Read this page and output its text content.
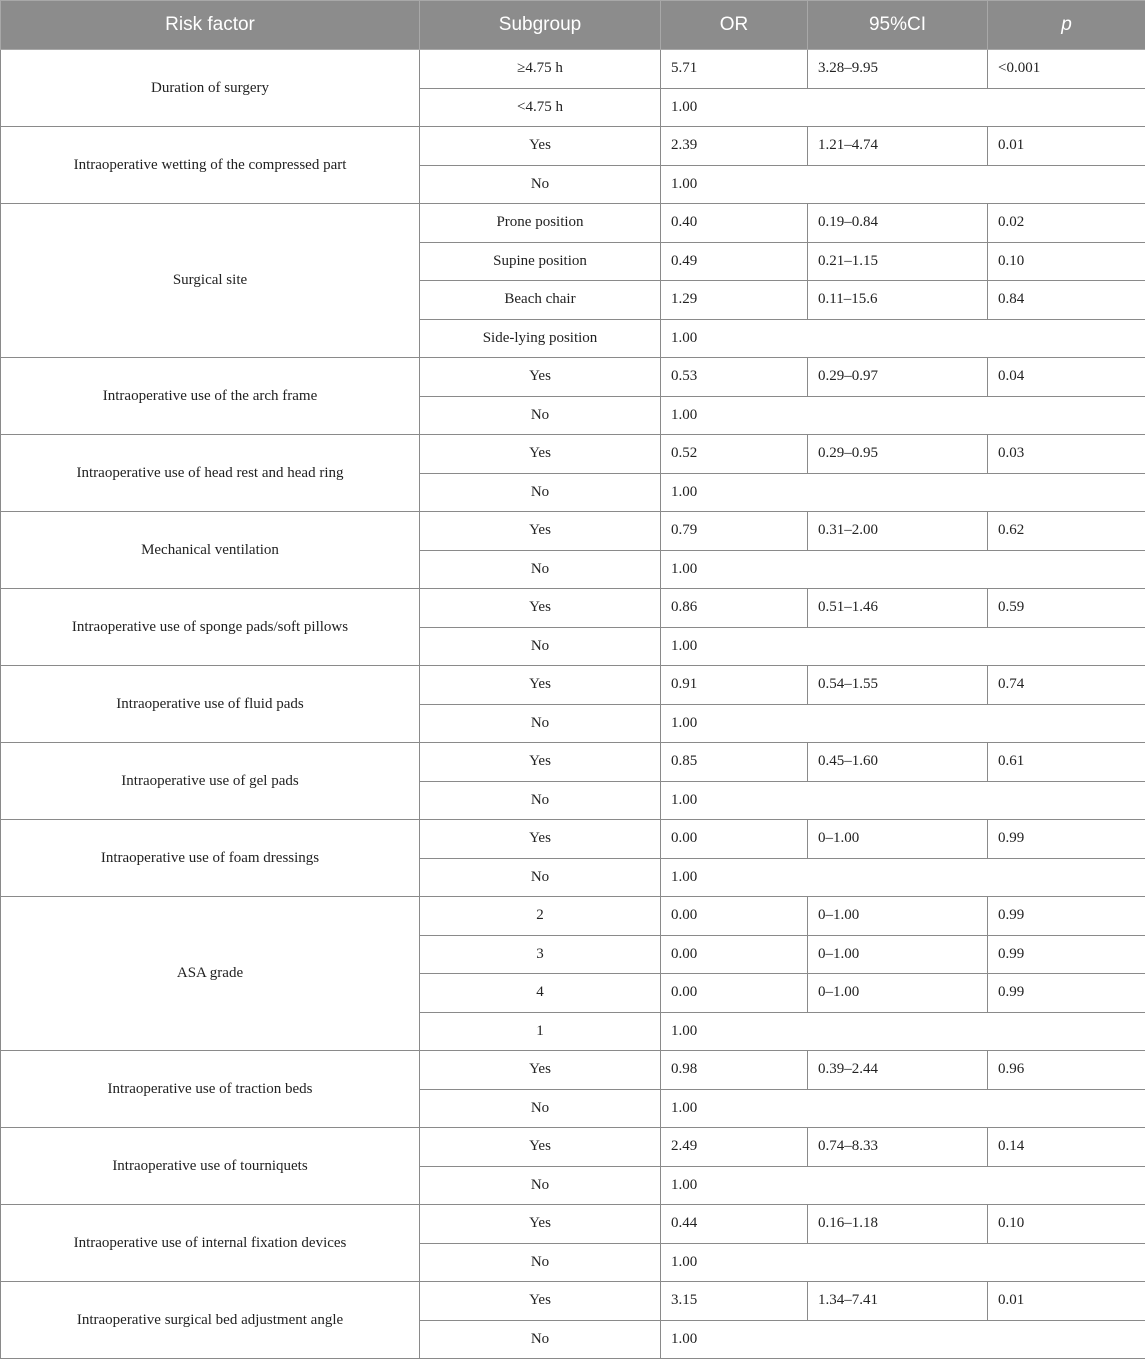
Risk factor	Subgroup	OR	95%CI	p
Duration of surgery	≥4.75 h	5.71	3.28–9.95	<0.001
	<4.75 h	1.00		
Intraoperative wetting of the compressed part	Yes	2.39	1.21–4.74	0.01
	No	1.00		
Surgical site	Prone position	0.40	0.19–0.84	0.02
	Supine position	0.49	0.21–1.15	0.10
	Beach chair	1.29	0.11–15.6	0.84
	Side-lying position	1.00		
Intraoperative use of the arch frame	Yes	0.53	0.29–0.97	0.04
	No	1.00		
Intraoperative use of head rest and head ring	Yes	0.52	0.29–0.95	0.03
	No	1.00		
Mechanical ventilation	Yes	0.79	0.31–2.00	0.62
	No	1.00		
Intraoperative use of sponge pads/soft pillows	Yes	0.86	0.51–1.46	0.59
	No	1.00		
Intraoperative use of fluid pads	Yes	0.91	0.54–1.55	0.74
	No	1.00		
Intraoperative use of gel pads	Yes	0.85	0.45–1.60	0.61
	No	1.00		
Intraoperative use of foam dressings	Yes	0.00	0–1.00	0.99
	No	1.00		
ASA grade	2	0.00	0–1.00	0.99
	3	0.00	0–1.00	0.99
	4	0.00	0–1.00	0.99
	1	1.00		
Intraoperative use of traction beds	Yes	0.98	0.39–2.44	0.96
	No	1.00		
Intraoperative use of tourniquets	Yes	2.49	0.74–8.33	0.14
	No	1.00		
Intraoperative use of internal fixation devices	Yes	0.44	0.16–1.18	0.10
	No	1.00		
Intraoperative surgical bed adjustment angle	Yes	3.15	1.34–7.41	0.01
	No	1.00		
